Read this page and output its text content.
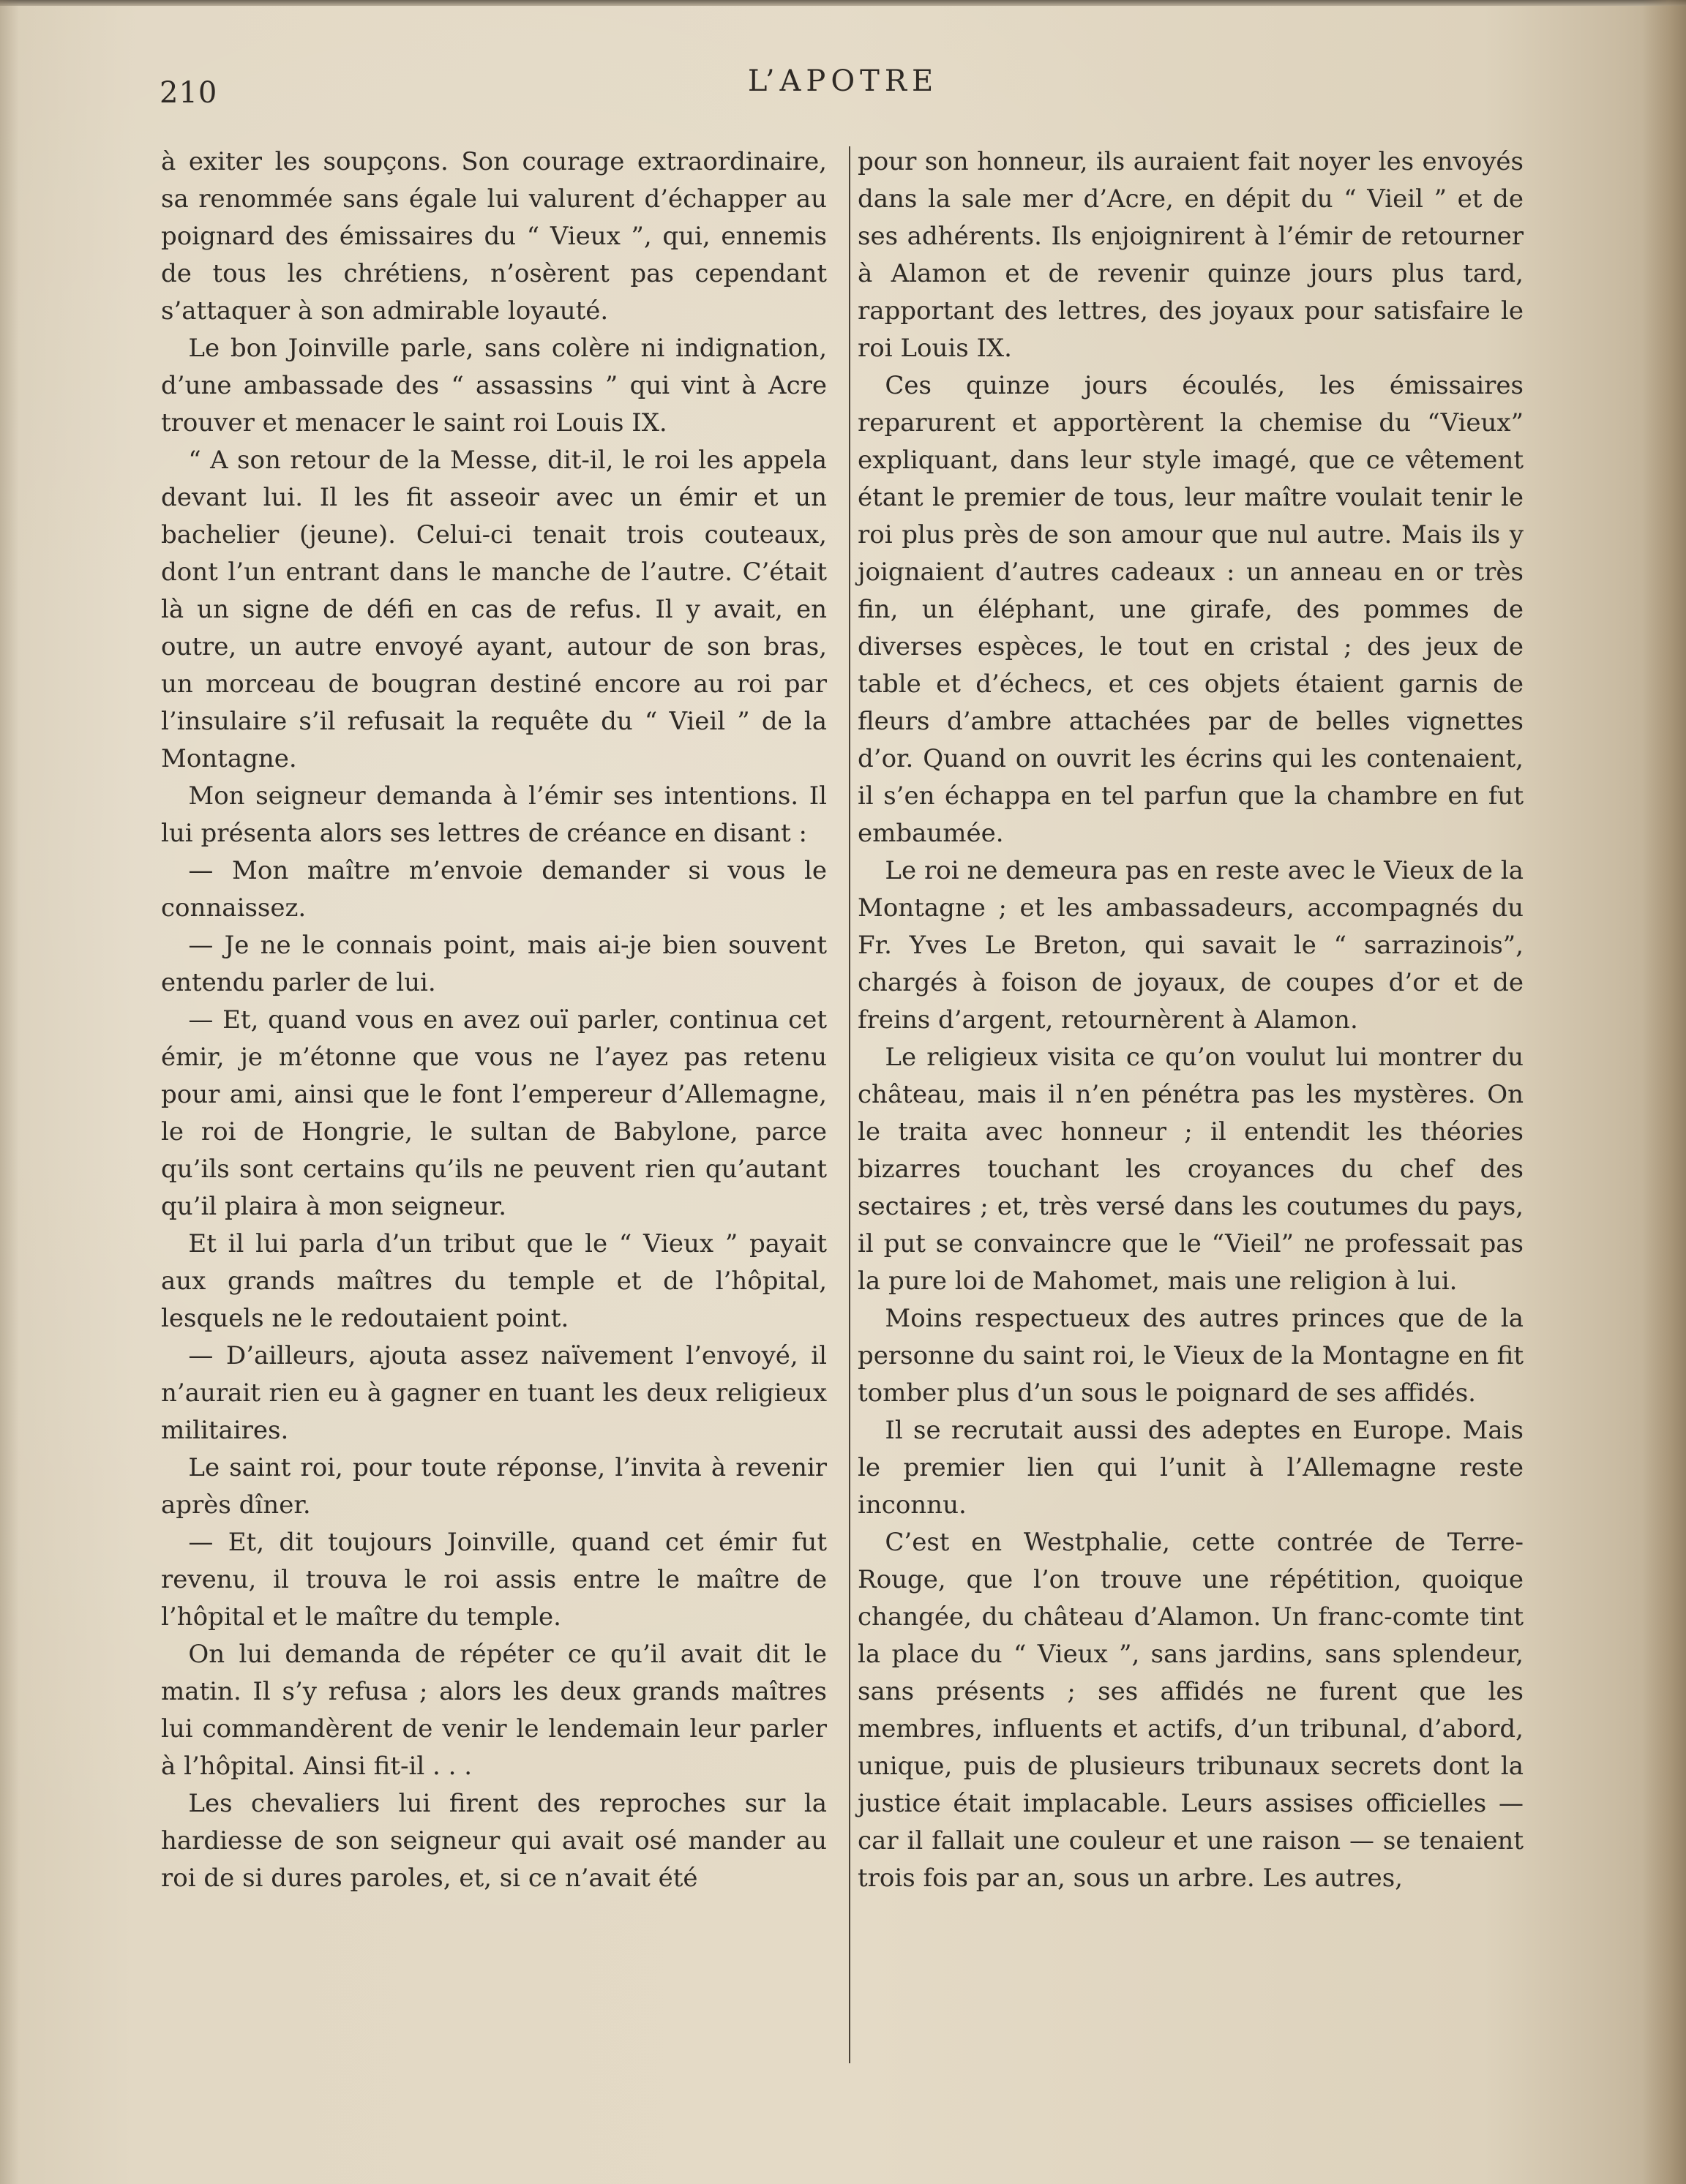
210	L’APOTRE

à exiter les soupçons. Son courage extraordinaire, sa renommée sans égale lui valurent d’échapper au poignard des émissaires du “ Vieux ”, qui, ennemis de tous les chrétiens, n’osèrent pas cependant s’attaquer à son admirable loyauté.

Le bon Joinville parle, sans colère ni indignation, d’une ambassade des “ assassins ” qui vint à Acre trouver et menacer le saint roi Louis IX.

“ A son retour de la Messe, dit-il, le roi les appela devant lui. Il les fit asseoir avec un émir et un bachelier (jeune). Celui-ci tenait trois couteaux, dont l’un entrant dans le manche de l’autre. C’était là un signe de défi en cas de refus. Il y avait, en outre, un autre envoyé ayant, autour de son bras, un morceau de bougran destiné encore au roi par l’insulaire s’il refusait la requête du “ Vieil ” de la Montagne.

Mon seigneur demanda à l’émir ses intentions. Il lui présenta alors ses lettres de créance en disant :

— Mon maître m’envoie demander si vous le connaissez.

— Je ne le connais point, mais ai-je bien souvent entendu parler de lui.

— Et, quand vous en avez ouï parler, continua cet émir, je m’étonne que vous ne l’ayez pas retenu pour ami, ainsi que le font l’empereur d’Allemagne, le roi de Hongrie, le sultan de Babylone, parce qu’ils sont certains qu’ils ne peuvent rien qu’autant qu’il plaira à mon seigneur.

Et il lui parla d’un tribut que le “ Vieux ” payait aux grands maîtres du temple et de l’hôpital, lesquels ne le redoutaient point.

— D’ailleurs, ajouta assez naïvement l’envoyé, il n’aurait rien eu à gagner en tuant les deux religieux militaires.

Le saint roi, pour toute réponse, l’invita à revenir après dîner.

— Et, dit toujours Joinville, quand cet émir fut revenu, il trouva le roi assis entre le maître de l’hôpital et le maître du temple.

On lui demanda de répéter ce qu’il avait dit le matin. Il s’y refusa ; alors les deux grands maîtres lui commandèrent de venir le lendemain leur parler à l’hôpital. Ainsi fit-il . . .

Les chevaliers lui firent des reproches sur la hardiesse de son seigneur qui avait osé mander au roi de si dures paroles, et, si ce n’avait été

pour son honneur, ils auraient fait noyer les envoyés dans la sale mer d’Acre, en dépit du “ Vieil ” et de ses adhérents. Ils enjoignirent à l’émir de retourner à Alamon et de revenir quinze jours plus tard, rapportant des lettres, des joyaux pour satisfaire le roi Louis IX.

Ces quinze jours écoulés, les émissaires reparurent et apportèrent la chemise du “Vieux” expliquant, dans leur style imagé, que ce vêtement étant le premier de tous, leur maître voulait tenir le roi plus près de son amour que nul autre. Mais ils y joignaient d’autres cadeaux : un anneau en or très fin, un éléphant, une girafe, des pommes de diverses espèces, le tout en cristal ; des jeux de table et d’échecs, et ces objets étaient garnis de fleurs d’ambre attachées par de belles vignettes d’or. Quand on ouvrit les écrins qui les contenaient, il s’en échappa en tel parfun que la chambre en fut embaumée.

Le roi ne demeura pas en reste avec le Vieux de la Montagne ; et les ambassadeurs, accompagnés du Fr. Yves Le Breton, qui savait le “ sarrazinois”, chargés à foison de joyaux, de coupes d’or et de freins d’argent, retournèrent à Alamon.

Le religieux visita ce qu’on voulut lui montrer du château, mais il n’en pénétra pas les mystères. On le traita avec honneur ; il entendit les théories bizarres touchant les croyances du chef des sectaires ; et, très versé dans les coutumes du pays, il put se convaincre que le “Vieil” ne professait pas la pure loi de Mahomet, mais une religion à lui.

Moins respectueux des autres princes que de la personne du saint roi, le Vieux de la Montagne en fit tomber plus d’un sous le poignard de ses affidés.

Il se recrutait aussi des adeptes en Europe. Mais le premier lien qui l’unit à l’Allemagne reste inconnu.

C’est en Westphalie, cette contrée de Terre-Rouge, que l’on trouve une répétition, quoique changée, du château d’Alamon. Un franc-comte tint la place du “ Vieux ”, sans jardins, sans splendeur, sans présents ; ses affidés ne furent que les membres, influents et actifs, d’un tribunal, d’abord, unique, puis de plusieurs tribunaux secrets dont la justice était implacable. Leurs assises officielles — car il fallait une couleur et une raison — se tenaient trois fois par an, sous un arbre. Les autres,
